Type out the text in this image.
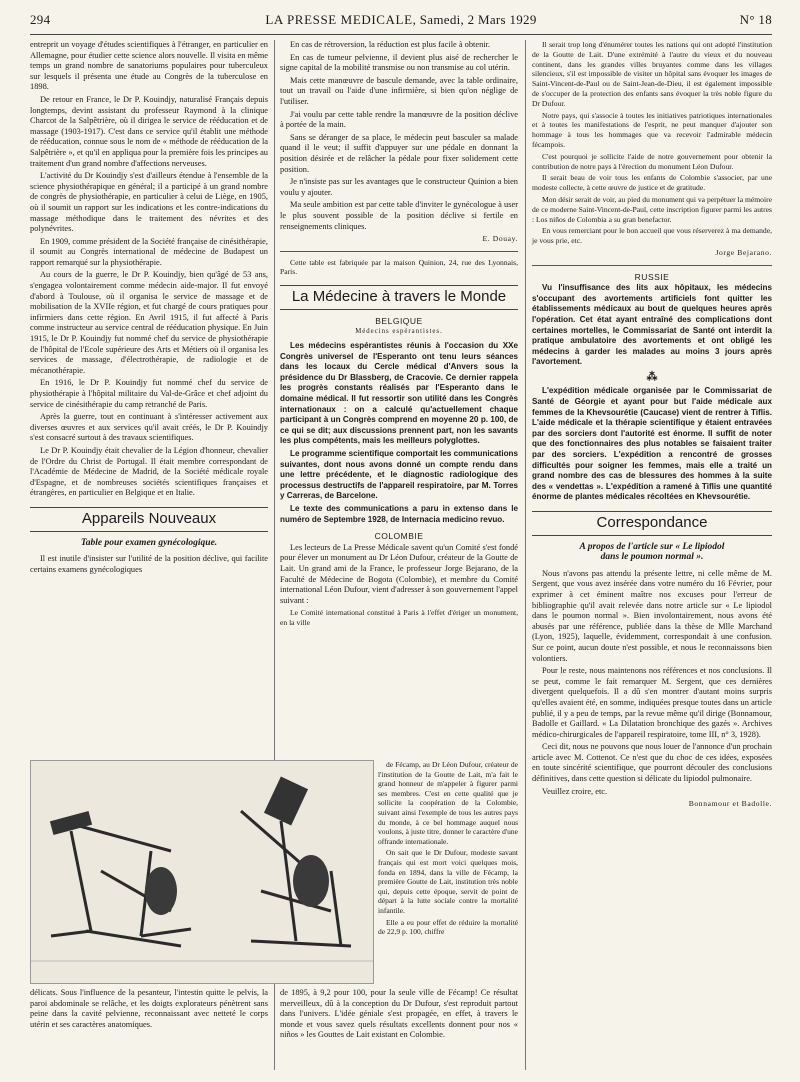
294	LA PRESSE MEDICALE, Samedi, 2 Mars 1929	N° 18

entreprit un voyage d'études scientifiques à l'étranger, en particulier en Allemagne, pour étudier cette science alors nouvelle. Il visita en même temps un grand nombre de sanatoriums populaires pour tuberculeux sur lesquels il présenta une étude au Congrès de la tuberculose en 1898.

De retour en France, le Dr P. Kouindjy, naturalisé Français depuis longtemps, devint assistant du professeur Raymond à la clinique Charcot de la Salpêtrière, où il dirigea le service de rééducation et de massage (1903-1917). C'est dans ce service qu'il établit une méthode de rééducation, connue sous le nom de « méthode de rééducation de la Salpêtrière », et qu'il en appliqua pour la première fois les principes au traitement d'un grand nombre d'affections nerveuses.

L'activité du Dr Kouindjy s'est d'ailleurs étendue à l'ensemble de la science physiothérapique en général; il a participé à un grand nombre de congrès de physiothérapie, en particulier à celui de Liège, en 1905, où il soumit un rapport sur les indications et les contre-indications du massage méthodique dans le traitement des névrites et des polynévrites.

En 1909, comme président de la Société française de cinésithérapie, il soumit au Congrès international de médecine de Budapest un rapport remarqué sur la physiothérapie.

Au cours de la guerre, le Dr P. Kouindjy, bien qu'âgé de 53 ans, s'engagea volontairement comme médecin aide-major. Il fut envoyé d'abord à Toulouse, où il organisa le service de massage et de mobilisation de la XVIIe région, et fut chargé de cours pratiques pour infirmiers dans cette région. En Avril 1915, il fut affecté à Paris comme instructeur au service central de rééducation physique. En Juin 1915, le Dr P. Kouindjy fut nommé chef du service de physiothérapie de l'hôpital de l'Ecole supérieure des Arts et Métiers où il organisa les services de massage, d'électrothérapie, de radiologie et de mécanothérapie.

En 1916, le Dr P. Kouindjy fut nommé chef du service de physiothérapie à l'hôpital militaire du Val-de-Grâce et chef adjoint du service de cinésithérapie du camp retranché de Paris.

Après la guerre, tout en continuant à s'intéresser activement aux diverses œuvres et aux services qu'il avait créés, le Dr P. Kouindjy s'est consacré surtout à des travaux scientifiques.

Le Dr P. Kouindjy était chevalier de la Légion d'honneur, chevalier de l'Ordre du Christ de Portugal. Il était membre correspondant de l'Académie de Médecine de Madrid, de la Société médicale royale d'Espagne, et de nombreuses sociétés scientifiques françaises et étrangères, en particulier en Belgique et en Italie.

Appareils Nouveaux
Table pour examen gynécologique.

Il est inutile d'insister sur l'utilité de la position déclive, qui facilite certains examens gynécologiques

En cas de rétroversion, la réduction est plus facile à obtenir.

En cas de tumeur pelvienne, il devient plus aisé de rechercher le signe capital de la mobilité transmise ou non transmise au col utérin.

Mais cette manœuvre de bascule demande, avec la table ordinaire, tout un travail ou l'aide d'une infirmière, si bien qu'on néglige de l'utiliser.

J'ai voulu par cette table rendre la manœuvre de la position déclive à portée de la main.

Sans se déranger de sa place, le médecin peut basculer sa malade quand il le veut; il suffit d'appuyer sur une pédale en donnant la position désirée et de relâcher la pédale pour fixer solidement cette position.

Je n'insiste pas sur les avantages que le constructeur Quinion a bien voulu y ajouter.

Ma seule ambition est par cette table d'inviter le gynécologue à user le plus souvent possible de la position déclive si fertile en renseignements cliniques.

E. Douay.

Cette table est fabriquée par la maison Quinion, 24, rue des Lyonnais, Paris.

La Médecine à travers le Monde
BELGIQUE
Médecins espérantistes.

Les médecins espérantistes réunis à l'occasion du XXe Congrès universel de l'Esperanto ont tenu leurs séances dans les locaux du Cercle médical d'Anvers sous la présidence du Dr Blassberg, de Cracovie. Ce dernier rappela les progrès constants réalisés par l'Esperanto dans le domaine médical. Il fut ressortir son utilité dans les Congrès internationaux : on a calculé qu'actuellement chaque participant à un Congrès comprend en moyenne 20 p. 100, de ce qui se dit; aux discussions prennent part, non les savants les plus compétents, mais les meilleurs polyglottes.

Le programme scientifique comportait les communications suivantes, dont nous avons donné un compte rendu dans une lettre précédente, et le diagnostic radiologique des processus destructifs de l'appareil respiratoire, par M. Torres y Carreras, de Barcelone.

Le texte des communications a paru in extenso dans le numéro de Septembre 1928, de Internacia medicino revuo.

COLOMBIE

Les lecteurs de La Presse Médicale savent qu'un Comité s'est fondé pour élever un monument au Dr Léon Dufour, créateur de la Goutte de Lait. Un grand ami de la France, le professeur Jorge Bejarano, de la Faculté de Médecine de Bogota (Colombie), et membre du Comité international Léon Dufour, vient d'adresser à son gouvernement l'appel suivant :

Le Comité international constitué à Paris à l'effet d'ériger un monument, en la ville

de Fécamp, au Dr Léon Dufour, créateur de l'institution de la Goutte de Lait, m'a fait le grand honneur de m'appeler à figurer parmi ses membres. C'est en cette qualité que je sollicite la coopération de la Colombie, suivant ainsi l'exemple de tous les autres pays du monde, à ce bel hommage auquel nous voulons, à juste titre, donner le caractère d'une offrande internationale.

On sait que le Dr Dufour, modeste savant français qui est mort voici quelques mois, fonda en 1894, dans la ville de Fécamp, la première Goutte de Lait, institution très noble qui, depuis cette époque, servit de point de départ à la lutte sociale contre la mortalité infantile.

Elle a eu pour effet de réduire la mortalité de 22,9 p. 100, chiffre

délicats. Sous l'influence de la pesanteur, l'intestin quitte le pelvis, la paroi abdominale se relâche, et les doigts explorateurs pénètrent sans peine dans la cavité pelvienne, reconnaissant avec netteté le corps utérin et ses caractères anatomiques.

de 1895, à 9,2 pour 100, pour la seule ville de Fécamp! Ce résultat merveilleux, dû à la conception du Dr Dufour, s'est reproduit partout dans l'univers. L'idée géniale s'est propagée, en effet, à travers le monde et vous savez quels résultats excellents donnent pour nos « niños » les Gouttes de Lait existant en Colombie.

Il serait trop long d'énumérer toutes les nations qui ont adopté l'institution de la Goutte de Lait. D'une extrémité à l'autre du vieux et du nouveau continent, dans les grandes villes bruyantes comme dans les villages silencieux, s'il est impossible de visiter un hôpital sans évoquer les images de Saint-Vincent-de-Paul ou de Saint-Jean-de-Dieu, il est également impossible de s'occuper de la protection des enfants sans évoquer la très noble figure du Dr Dufour.

Notre pays, qui s'associe à toutes les initiatives patriotiques internationales et à toutes les manifestations de l'esprit, ne peut manquer d'ajouter son hommage à tous les hommages que va recevoir l'admirable médecin fécampois.

C'est pourquoi je sollicite l'aide de notre gouvernement pour obtenir la contribution de notre pays à l'érection du monument Léon Dufour.

Il serait beau de voir tous les enfants de Colombie s'associer, par une modeste collecte, à cette œuvre de justice et de gratitude.

Mon désir serait de voir, au pied du monument qui va perpétuer la mémoire de ce moderne Saint-Vincent-de-Paul, cette inscription figurer parmi les autres : Los niños de Colombia a su gran benefactor.

En vous remerciant pour le bon accueil que vous réserverez à ma demande, je vous prie, etc.

Jorge Bejarano.
RUSSIE

Vu l'insuffisance des lits aux hôpitaux, les médecins s'occupant des avortements artificiels font quitter les établissements médicaux au bout de quelques heures après l'opération. Cet état ayant entraîné des complications dont certaines mortelles, le Commissariat de Santé ont interdit la pratique ambulatoire des avortements et ont obligé les médecins à garder les malades au moins 3 jours après l'avortement.

⁂

L'expédition médicale organisée par le Commissariat de Santé de Géorgie et ayant pour but l'aide médicale aux femmes de la Khevsourétie (Caucase) vient de rentrer à Tiflis. L'aide médicale et la thérapie scientifique y étaient entravées par des sorciers dont l'autorité est énorme. Il suffit de noter que des fonctionnaires des plus notables se faisaient traiter par des sorciers. L'expédition a rencontré de grosses difficultés pour soigner les femmes, mais elle a traité un grand nombre des cas de blessures des hommes à la suite des « vendettas ». L'expédition a ramené à Tiflis une quantité énorme de plantes médicales récoltées en Khevsourétie.

Correspondance
A propos de l'article sur « Le lipiodol
dans le poumon normal ».

Nous n'avons pas attendu la présente lettre, ni celle même de M. Sergent, que vous avez insérée dans votre numéro du 16 Février, pour exprimer à cet éminent maître nos excuses pour l'erreur de bibliographie qu'il avait relevée dans notre article sur « Le lipiodol dans le poumon normal ». Bien involontairement, nous avons été abusés par une référence, publiée dans la thèse de Mlle Marchand (Lyon, 1925), laquelle, évidemment, correspondait à une confusion. Sur ce point, aucun doute n'est possible, et nous le reconnaissons bien volontiers.

Pour le reste, nous maintenons nos références et nos conclusions. Il se peut, comme le fait remarquer M. Sergent, que ces dernières divergent quelquefois. Il a dû s'en montrer d'autant moins surpris qu'elles avaient été, en somme, indiquées presque toutes dans un article publié, il y a peu de temps, par la revue même qu'il dirige (Bonnamour, Badolle et Gaillard. « La Dilatation bronchique des gazés ». Archives médico-chirurgicales de l'appareil respiratoire, tome III, n° 3, 1928).

Ceci dit, nous ne pouvons que nous louer de l'annonce d'un prochain article avec M. Cottenot. Ce n'est que du choc de ces idées, exposées en toute sincérité scientifique, que pourront découler des conclusions définitives, dans cette question si délicate du lipiodol pulmonaire.

Veuillez croire, etc.

Bonnamour et Badolle.
